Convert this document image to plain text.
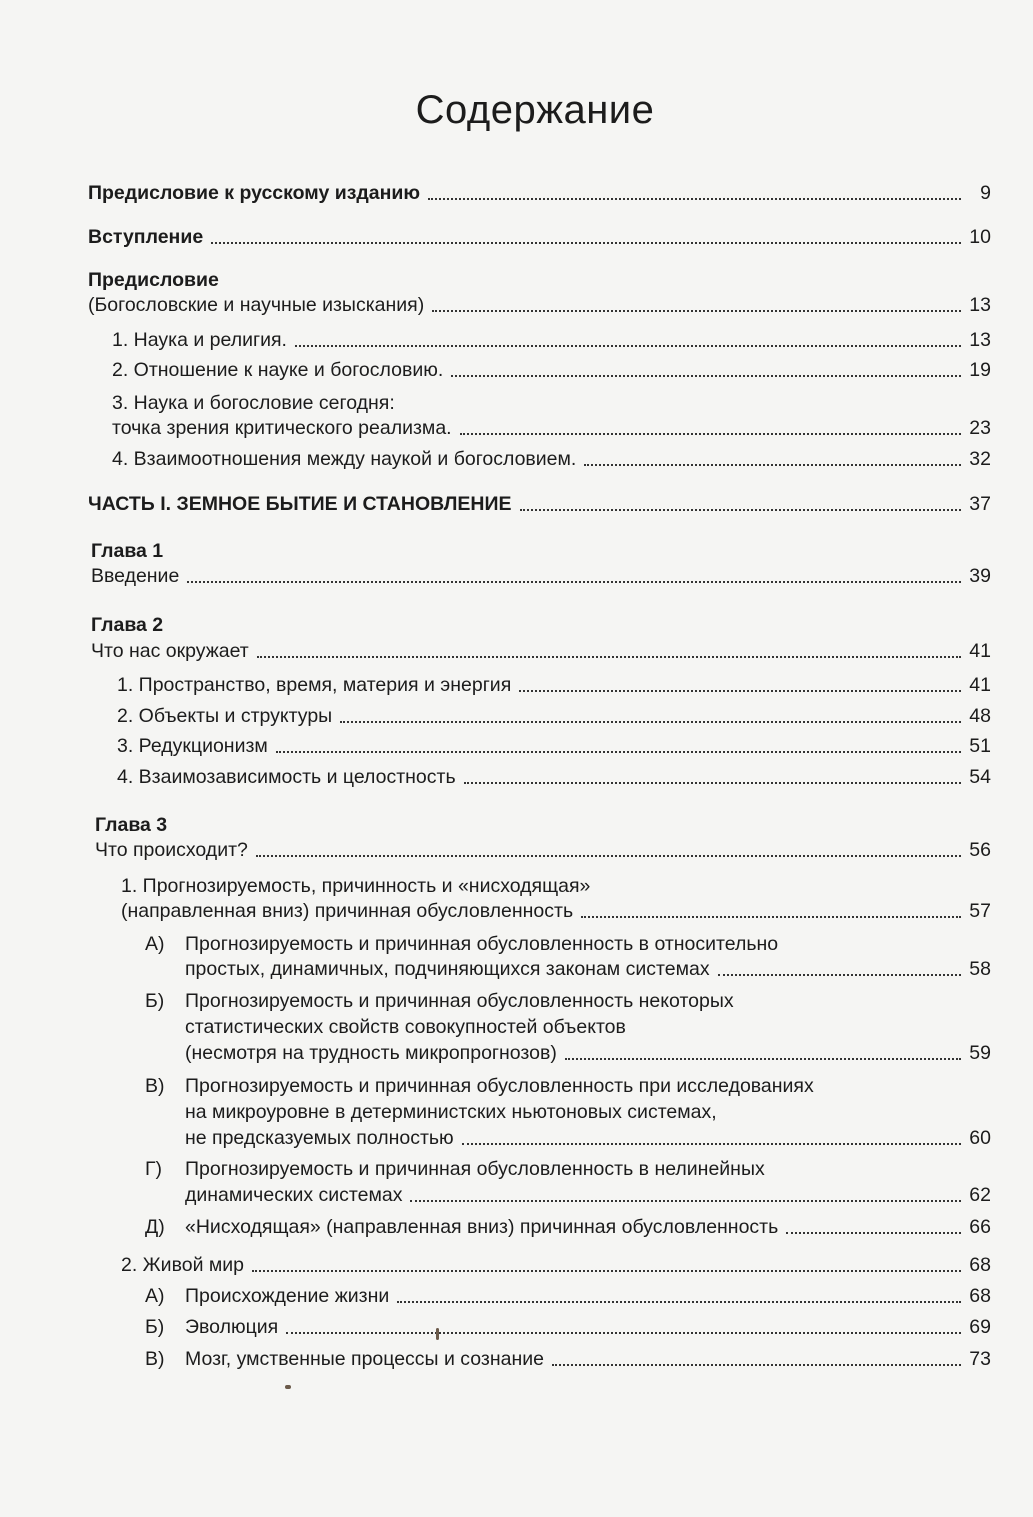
Содержание
Предисловие к русскому изданию	9
Вступление	10
Предисловие
(Богословские и научные изыскания)	13
1. Наука и религия.	13
2. Отношение к науке и богословию.	19
3. Наука и богословие сегодня:
точка зрения критического реализма.	23
4. Взаимоотношения между наукой и богословием.	32
ЧАСТЬ I. ЗЕМНОЕ БЫТИЕ И СТАНОВЛЕНИЕ	37
Глава 1
Введение	39
Глава 2
Что нас окружает	41
1. Пространство, время, материя и энергия	41
2. Объекты и структуры	48
3. Редукционизм	51
4. Взаимозависимость и целостность	54
Глава 3
Что происходит?	56
1. Прогнозируемость, причинность и «нисходящая»
(направленная вниз) причинная обусловленность	57
А) Прогнозируемость и причинная обусловленность в относительно
простых, динамичных, подчиняющихся законам системах	58
Б) Прогнозируемость и причинная обусловленность некоторых
статистических свойств совокупностей объектов
(несмотря на трудность микропрогнозов)	59
В) Прогнозируемость и причинная обусловленность при исследованиях
на микроуровне в детерминистских ньютоновых системах,
не предсказуемых полностью	60
Г) Прогнозируемость и причинная обусловленность в нелинейных
динамических системах	62
Д) «Нисходящая» (направленная вниз) причинная обусловленность	66
2. Живой мир	68
А) Происхождение жизни	68
Б) Эволюция	69
В) Мозг, умственные процессы и сознание	73
